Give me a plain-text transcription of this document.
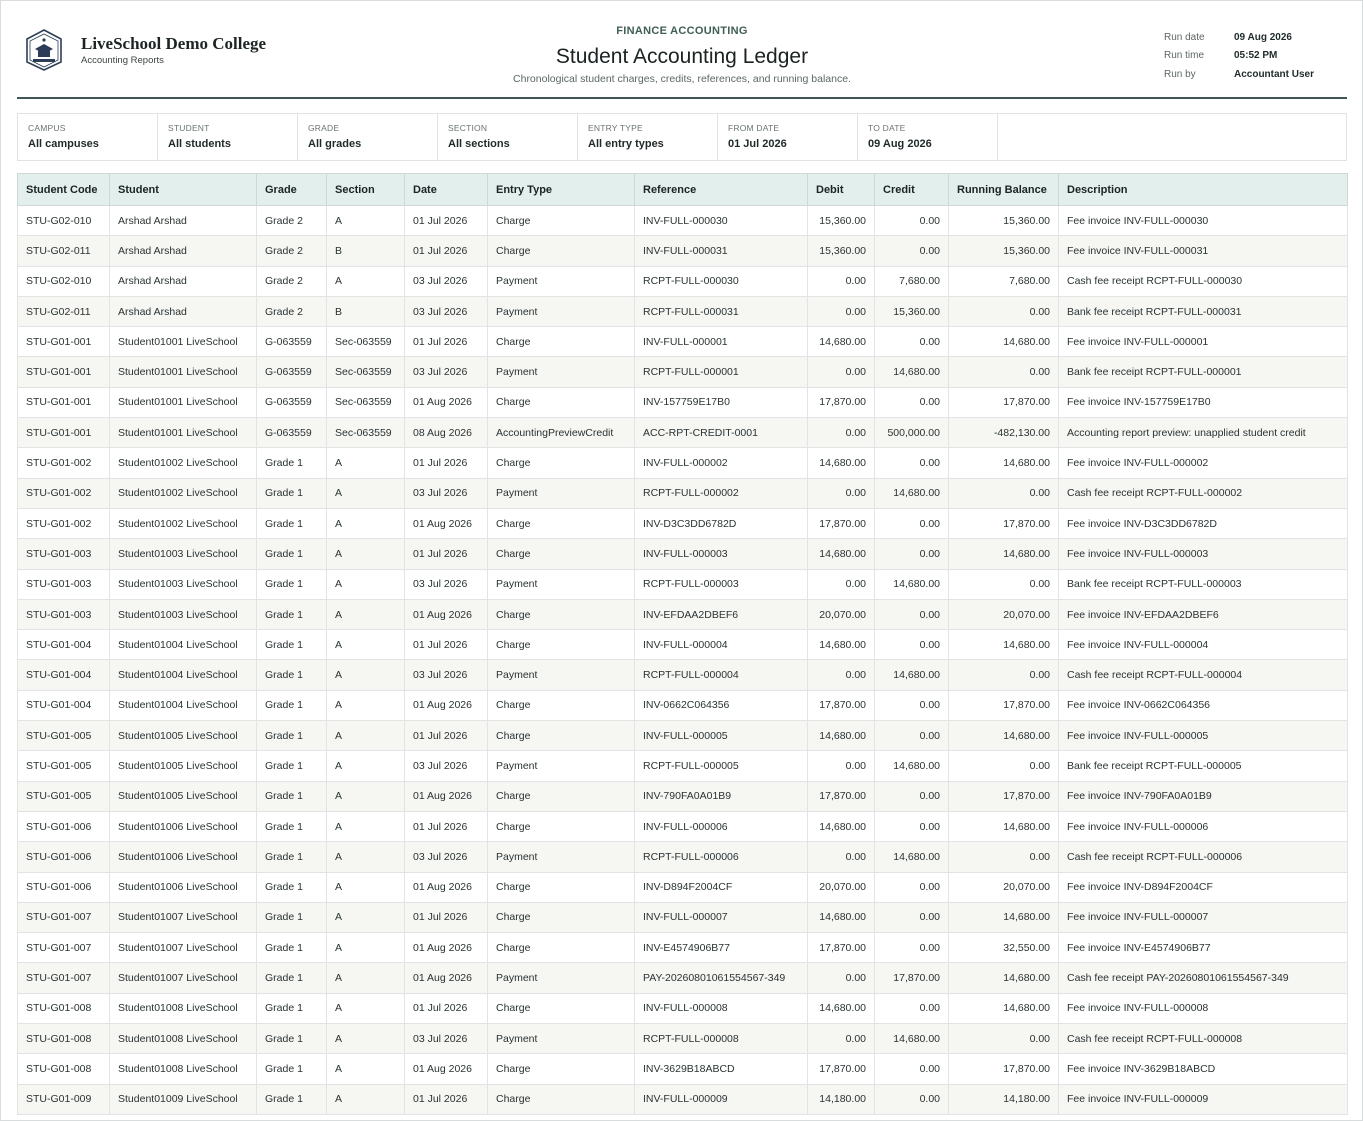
LiveSchool Demo College
Accounting Reports
FINANCE ACCOUNTING
Student Accounting Ledger
Chronological student charges, credits, references, and running balance.
Run date	09 Aug 2026
Run time	05:52 PM
Run by	Accountant User
CAMPUS
All campuses
STUDENT
All students
GRADE
All grades
SECTION
All sections
ENTRY TYPE
All entry types
FROM DATE
01 Jul 2026
TO DATE
09 Aug 2026
Student Code	Student	Grade	Section	Date	Entry Type	Reference	Debit	Credit	Running Balance	Description
STU-G02-010	Arshad Arshad	Grade 2	A	01 Jul 2026	Charge	INV-FULL-000030	15,360.00	0.00	15,360.00	Fee invoice INV-FULL-000030
STU-G02-011	Arshad Arshad	Grade 2	B	01 Jul 2026	Charge	INV-FULL-000031	15,360.00	0.00	15,360.00	Fee invoice INV-FULL-000031
STU-G02-010	Arshad Arshad	Grade 2	A	03 Jul 2026	Payment	RCPT-FULL-000030	0.00	7,680.00	7,680.00	Cash fee receipt RCPT-FULL-000030
STU-G02-011	Arshad Arshad	Grade 2	B	03 Jul 2026	Payment	RCPT-FULL-000031	0.00	15,360.00	0.00	Bank fee receipt RCPT-FULL-000031
STU-G01-001	Student01001 LiveSchool	G-063559	Sec-063559	01 Jul 2026	Charge	INV-FULL-000001	14,680.00	0.00	14,680.00	Fee invoice INV-FULL-000001
STU-G01-001	Student01001 LiveSchool	G-063559	Sec-063559	03 Jul 2026	Payment	RCPT-FULL-000001	0.00	14,680.00	0.00	Bank fee receipt RCPT-FULL-000001
STU-G01-001	Student01001 LiveSchool	G-063559	Sec-063559	01 Aug 2026	Charge	INV-157759E17B0	17,870.00	0.00	17,870.00	Fee invoice INV-157759E17B0
STU-G01-001	Student01001 LiveSchool	G-063559	Sec-063559	08 Aug 2026	AccountingPreviewCredit	ACC-RPT-CREDIT-0001	0.00	500,000.00	-482,130.00	Accounting report preview: unapplied student credit
STU-G01-002	Student01002 LiveSchool	Grade 1	A	01 Jul 2026	Charge	INV-FULL-000002	14,680.00	0.00	14,680.00	Fee invoice INV-FULL-000002
STU-G01-002	Student01002 LiveSchool	Grade 1	A	03 Jul 2026	Payment	RCPT-FULL-000002	0.00	14,680.00	0.00	Cash fee receipt RCPT-FULL-000002
STU-G01-002	Student01002 LiveSchool	Grade 1	A	01 Aug 2026	Charge	INV-D3C3DD6782D	17,870.00	0.00	17,870.00	Fee invoice INV-D3C3DD6782D
STU-G01-003	Student01003 LiveSchool	Grade 1	A	01 Jul 2026	Charge	INV-FULL-000003	14,680.00	0.00	14,680.00	Fee invoice INV-FULL-000003
STU-G01-003	Student01003 LiveSchool	Grade 1	A	03 Jul 2026	Payment	RCPT-FULL-000003	0.00	14,680.00	0.00	Bank fee receipt RCPT-FULL-000003
STU-G01-003	Student01003 LiveSchool	Grade 1	A	01 Aug 2026	Charge	INV-EFDAA2DBEF6	20,070.00	0.00	20,070.00	Fee invoice INV-EFDAA2DBEF6
STU-G01-004	Student01004 LiveSchool	Grade 1	A	01 Jul 2026	Charge	INV-FULL-000004	14,680.00	0.00	14,680.00	Fee invoice INV-FULL-000004
STU-G01-004	Student01004 LiveSchool	Grade 1	A	03 Jul 2026	Payment	RCPT-FULL-000004	0.00	14,680.00	0.00	Cash fee receipt RCPT-FULL-000004
STU-G01-004	Student01004 LiveSchool	Grade 1	A	01 Aug 2026	Charge	INV-0662C064356	17,870.00	0.00	17,870.00	Fee invoice INV-0662C064356
STU-G01-005	Student01005 LiveSchool	Grade 1	A	01 Jul 2026	Charge	INV-FULL-000005	14,680.00	0.00	14,680.00	Fee invoice INV-FULL-000005
STU-G01-005	Student01005 LiveSchool	Grade 1	A	03 Jul 2026	Payment	RCPT-FULL-000005	0.00	14,680.00	0.00	Bank fee receipt RCPT-FULL-000005
STU-G01-005	Student01005 LiveSchool	Grade 1	A	01 Aug 2026	Charge	INV-790FA0A01B9	17,870.00	0.00	17,870.00	Fee invoice INV-790FA0A01B9
STU-G01-006	Student01006 LiveSchool	Grade 1	A	01 Jul 2026	Charge	INV-FULL-000006	14,680.00	0.00	14,680.00	Fee invoice INV-FULL-000006
STU-G01-006	Student01006 LiveSchool	Grade 1	A	03 Jul 2026	Payment	RCPT-FULL-000006	0.00	14,680.00	0.00	Cash fee receipt RCPT-FULL-000006
STU-G01-006	Student01006 LiveSchool	Grade 1	A	01 Aug 2026	Charge	INV-D894F2004CF	20,070.00	0.00	20,070.00	Fee invoice INV-D894F2004CF
STU-G01-007	Student01007 LiveSchool	Grade 1	A	01 Jul 2026	Charge	INV-FULL-000007	14,680.00	0.00	14,680.00	Fee invoice INV-FULL-000007
STU-G01-007	Student01007 LiveSchool	Grade 1	A	01 Aug 2026	Charge	INV-E4574906B77	17,870.00	0.00	32,550.00	Fee invoice INV-E4574906B77
STU-G01-007	Student01007 LiveSchool	Grade 1	A	01 Aug 2026	Payment	PAY-20260801061554567-349	0.00	17,870.00	14,680.00	Cash fee receipt PAY-20260801061554567-349
STU-G01-008	Student01008 LiveSchool	Grade 1	A	01 Jul 2026	Charge	INV-FULL-000008	14,680.00	0.00	14,680.00	Fee invoice INV-FULL-000008
STU-G01-008	Student01008 LiveSchool	Grade 1	A	03 Jul 2026	Payment	RCPT-FULL-000008	0.00	14,680.00	0.00	Cash fee receipt RCPT-FULL-000008
STU-G01-008	Student01008 LiveSchool	Grade 1	A	01 Aug 2026	Charge	INV-3629B18ABCD	17,870.00	0.00	17,870.00	Fee invoice INV-3629B18ABCD
STU-G01-009	Student01009 LiveSchool	Grade 1	A	01 Jul 2026	Charge	INV-FULL-000009	14,180.00	0.00	14,180.00	Fee invoice INV-FULL-000009
